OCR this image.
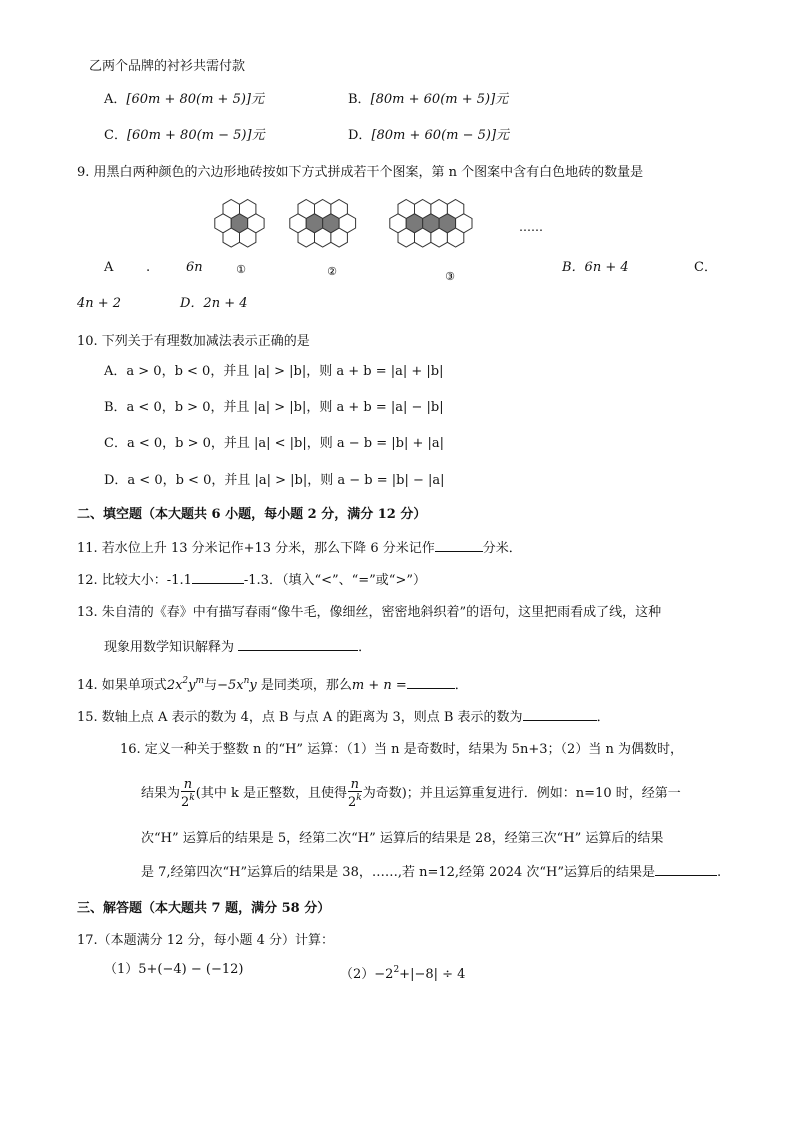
乙两个品牌的衬衫共需付款
A．[60m + 80(m + 5)]元	B．[80m + 60(m + 5)]元
C．[60m + 80(m − 5)]元	D．[80m + 60(m − 5)]元
9. 用黑白两种颜色的六边形地砖按如下方式拼成若干个图案，第 n 个图案中含有白色地砖的数量是
①	②	③
……
A	.	6n	B．6n + 4	C．
4n + 2	D．2n + 4
10. 下列关于有理数加减法表示正确的是
A．a > 0，b < 0，并且 |a| > |b|，则 a + b = |a| + |b|
B．a < 0，b > 0，并且 |a| > |b|，则 a + b = |a| − |b|
C．a < 0，b > 0，并且 |a| < |b|，则 a − b = |b| + |a|
D．a < 0，b < 0，并且 |a| > |b|，则 a − b = |b| − |a|
二、填空题（本大题共 6 小题，每小题 2 分，满分 12 分）
11. 若水位上升 13 分米记作+13 分米，那么下降 6 分米记作	分米．
12. 比较大小：-1.1	-1.3．（填入“<”、“=”或“>”）
13. 朱自清的《春》中有描写春雨“像牛毛，像细丝，密密地斜织着”的语句，这里把雨看成了线，这种
现象用数学知识解释为	．
14. 如果单项式$2x^2y^m$与$-5x^ny$ 是同类项，那么m + n =	．
15. 数轴上点 A 表示的数为 4，点 B 与点 A 的距离为 3，则点 B 表示的数为	．
16. 定义一种关于整数 n 的“H” 运算：（1）当 n 是奇数时，结果为 5n+3；（2）当 n 为偶数时，
结果为 $\frac{n}{2^k}$ (其中 k 是正整数，且使得 $\frac{n}{2^k}$ 为奇数)；并且运算重复进行．例如：n=10 时，经第一
次“H” 运算后的结果是 5，经第二次“H” 运算后的结果是 28，经第三次“H” 运算后的结果
是 7,经第四次“H”运算后的结果是 38，……,若 n=12,经第 2024 次“H”运算后的结果是	.
三、解答题（本大题共 7 题，满分 58 分）
17.（本题满分 12 分，每小题 4 分）计算：
（1）5+(−4) − (−12)	$(2)-2^2+|-8| \div 4$
